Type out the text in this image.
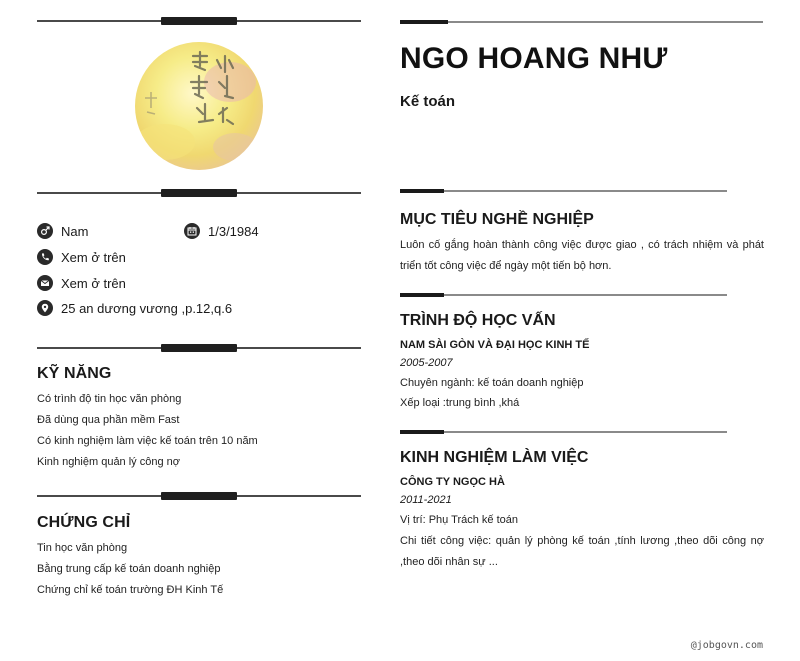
Nam	1/3/1984
Xem ở trên
Xem ở trên
25 an dương vương ,p.12,q.6
KỸ NĂNG
Có trình độ tin học văn phòng
Đã dùng qua phần mềm Fast
Có kinh nghiệm làm việc kế toán trên 10 năm
Kinh nghiệm quản lý công nợ
CHỨNG CHỈ
Tin học văn phòng
Bằng trung cấp kế toán doanh nghiệp
Chứng chỉ kế toán trường ĐH Kinh Tế
NGO HOANG NHƯ
Kế toán
MỤC TIÊU NGHỀ NGHIỆP
Luôn cố gắng hoàn thành công việc được giao , có trách nhiệm và phát triển tốt công việc để ngày một tiến bộ hơn.
TRÌNH ĐỘ HỌC VẤN
NAM SÀI GÒN VÀ ĐẠI HỌC KINH TẾ
2005-2007
Chuyên ngành: kế toán doanh nghiệp
Xếp loại :trung bình ,khá
KINH NGHIỆM LÀM VIỆC
CÔNG TY NGỌC HÀ
2011-2021
Vị trí: Phụ Trách kế toán
Chi tiết công việc: quản lý phòng kế toán ,tính lương ,theo dõi công nợ ,theo dõi nhân sự ...
@jobgovn.com
